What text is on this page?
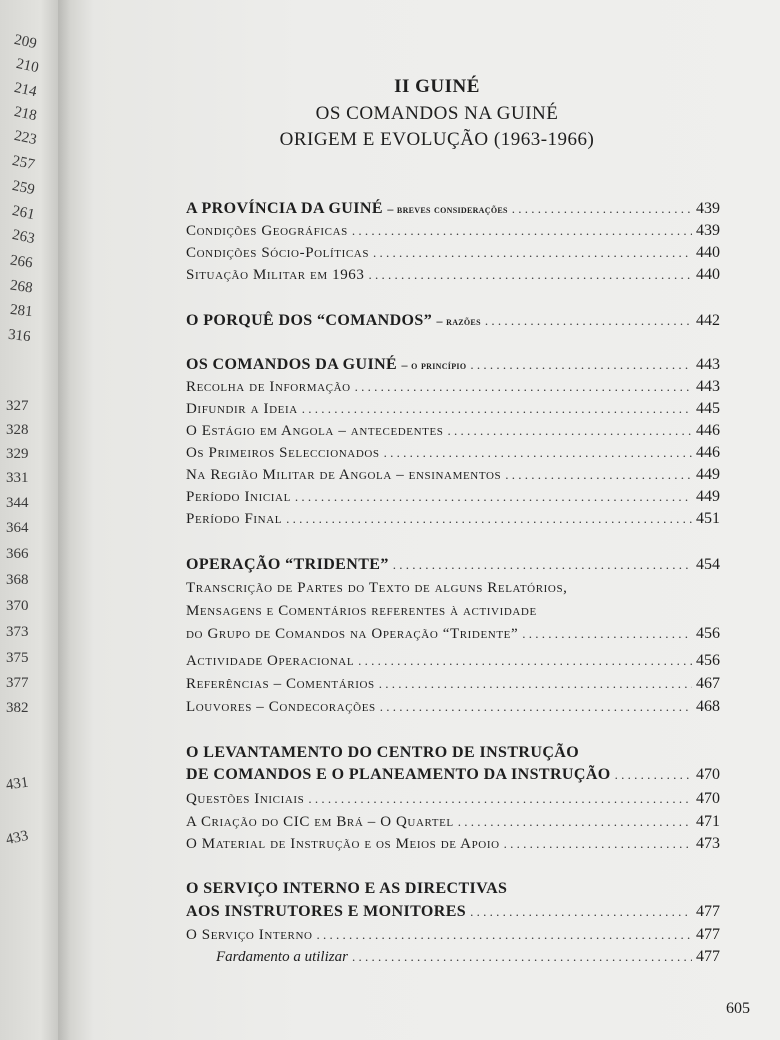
209
210
214
218
223
257
259
261
263
266
268
281
316
327
328
329
331
344
364
366
368
370
373
375
377
382
431
433
II GUINÉ
OS COMANDOS NA GUINÉ
ORIGEM E EVOLUÇÃO (1963-1966)
A PROVÍNCIA DA GUINÉ – breves considerações . . .	439
Condições Geográficas . . .	439
Condições Sócio-Políticas . . .	440
Situação Militar em 1963 . . .	440
O PORQUÊ DOS “COMANDOS” – razões . . .	442
OS COMANDOS DA GUINÉ – o princípio . . .	443
Recolha de Informação . . .	443
Difundir a Ideia . . .	445
O Estágio em Angola – antecedentes . . .	446
Os Primeiros Seleccionados . . .	446
Na Região Militar de Angola – ensinamentos . . .	449
Período Inicial . . .	449
Período Final . . .	451
OPERAÇÃO “TRIDENTE” . . .	454
Transcrição de Partes do Texto de alguns Relatórios,
Mensagens e Comentários referentes à actividade
do Grupo de Comandos na Operação “Tridente” . . .	456
Actividade Operacional . . .	456
Referências – Comentários . . .	467
Louvores – Condecorações . . .	468
O LEVANTAMENTO DO CENTRO DE INSTRUÇÃO
DE COMANDOS E O PLANEAMENTO DA INSTRUÇÃO . . .	470
Questões Iniciais . . .	470
A Criação do CIC em Brá – O Quartel . . .	471
O Material de Instrução e os Meios de Apoio . . .	473
O SERVIÇO INTERNO E AS DIRECTIVAS
AOS INSTRUTORES E MONITORES . . .	477
O Serviço Interno . . .	477
Fardamento a utilizar . . .	477
605
